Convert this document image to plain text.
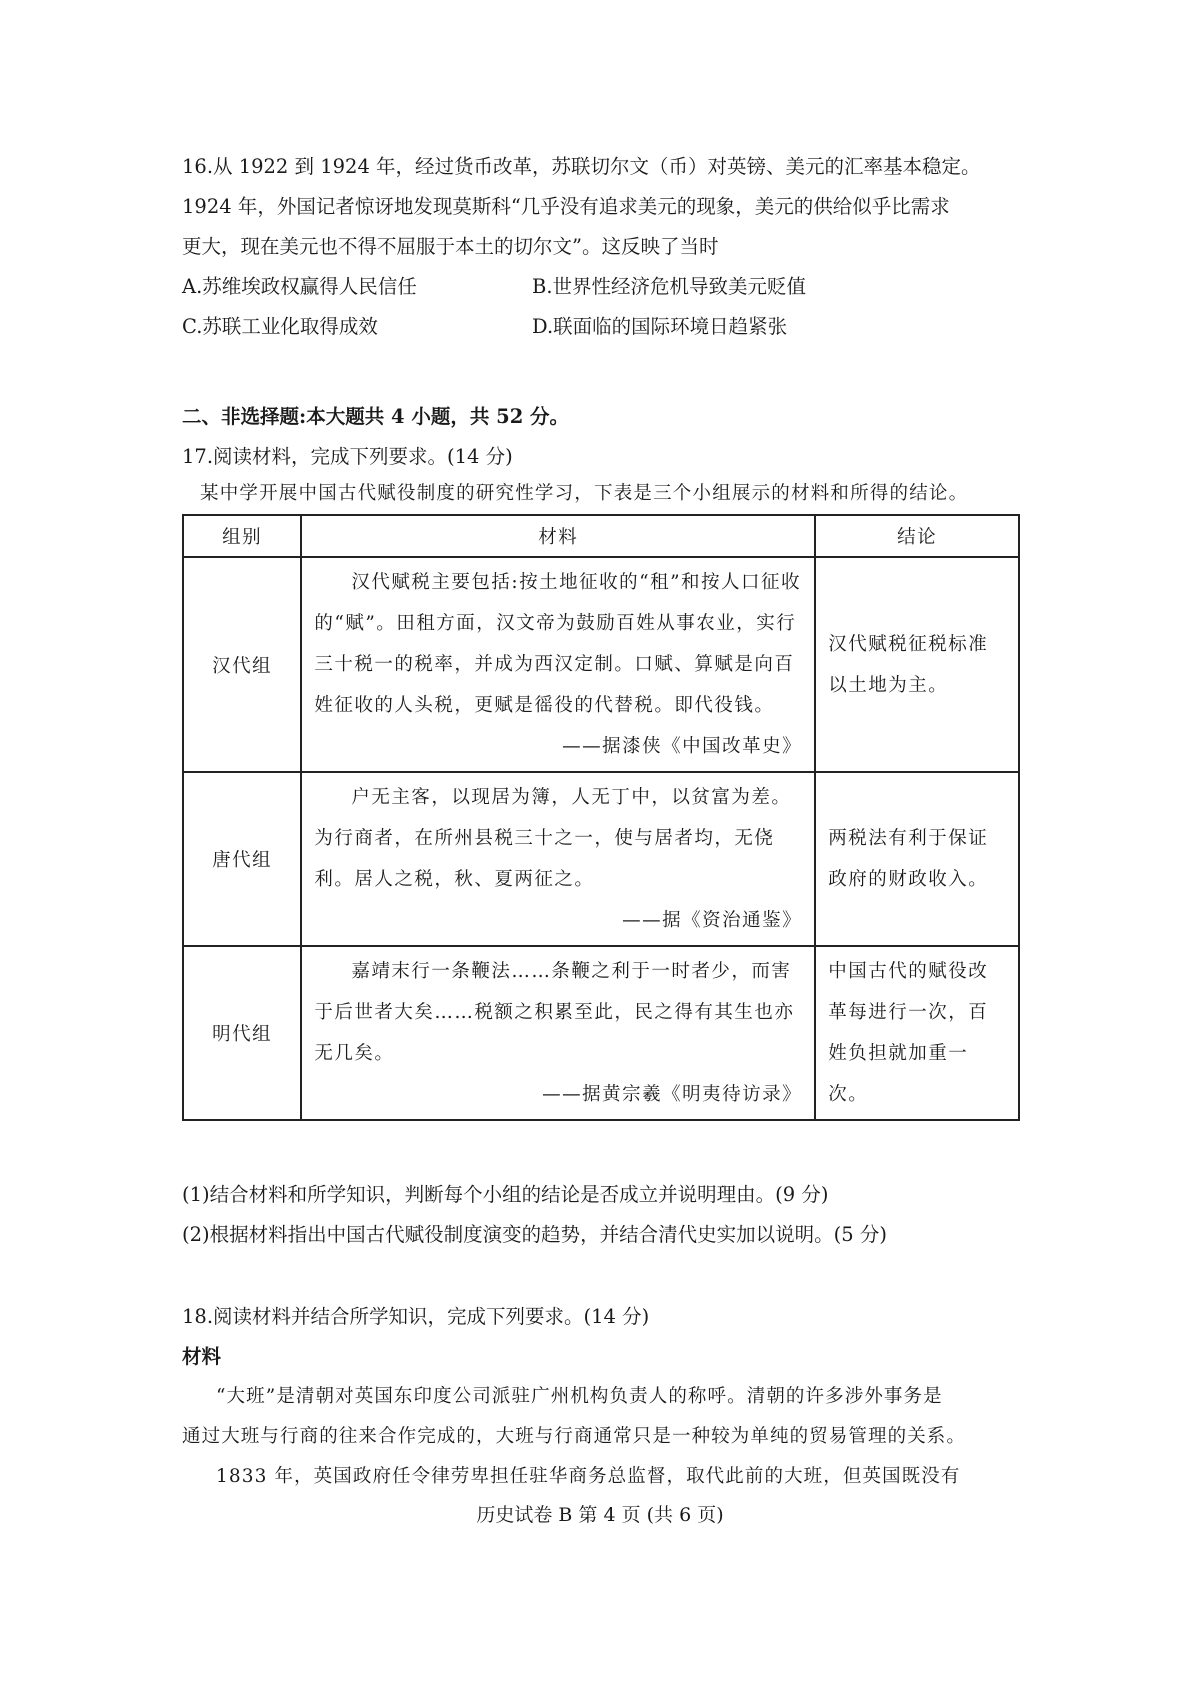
16.从 1922 到 1924 年，经过货币改革，苏联切尔文（币）对英镑、美元的汇率基本稳定。
1924 年，外国记者惊讶地发现莫斯科“几乎没有追求美元的现象，美元的供给似乎比需求
更大，现在美元也不得不屈服于本土的切尔文”。这反映了当时
A.苏维埃政权赢得人民信任	B.世界性经济危机导致美元贬值
C.苏联工业化取得成效	D.联面临的国际环境日趋紧张
二、非选择题:本大题共 4 小题，共 52 分。
17.阅读材料，完成下列要求。(14 分)
某中学开展中国古代赋役制度的研究性学习，下表是三个小组展示的材料和所得的结论。
组别	材料	结论
汉代组	汉代赋税主要包括:按土地征收的“租”和按人口征收的“赋”。田租方面，汉文帝为鼓励百姓从事农业，实行三十税一的税率，并成为西汉定制。口赋、算赋是向百姓征收的人头税，更赋是徭役的代替税。即代役钱。
——据漆侠《中国改革史》	汉代赋税征税标准以土地为主。
唐代组	户无主客，以现居为簿，人无丁中，以贫富为差。为行商者，在所州县税三十之一，使与居者均，无侥利。居人之税，秋、夏两征之。
——据《资治通鉴》	两税法有利于保证政府的财政收入。
明代组	嘉靖末行一条鞭法……条鞭之利于一时者少，而害于后世者大矣……税额之积累至此，民之得有其生也亦无几矣。
——据黄宗羲《明夷待访录》	中国古代的赋役改革每进行一次，百姓负担就加重一次。
(1)结合材料和所学知识，判断每个小组的结论是否成立并说明理由。(9 分)
(2)根据材料指出中国古代赋役制度演变的趋势，并结合清代史实加以说明。(5 分)
18.阅读材料并结合所学知识，完成下列要求。(14 分)
材料
“大班”是清朝对英国东印度公司派驻广州机构负责人的称呼。清朝的许多涉外事务是
通过大班与行商的往来合作完成的，大班与行商通常只是一种较为单纯的贸易管理的关系。
1833 年，英国政府任令律劳卑担任驻华商务总监督，取代此前的大班，但英国既没有
历史试卷 B 第 4 页 (共 6 页)
